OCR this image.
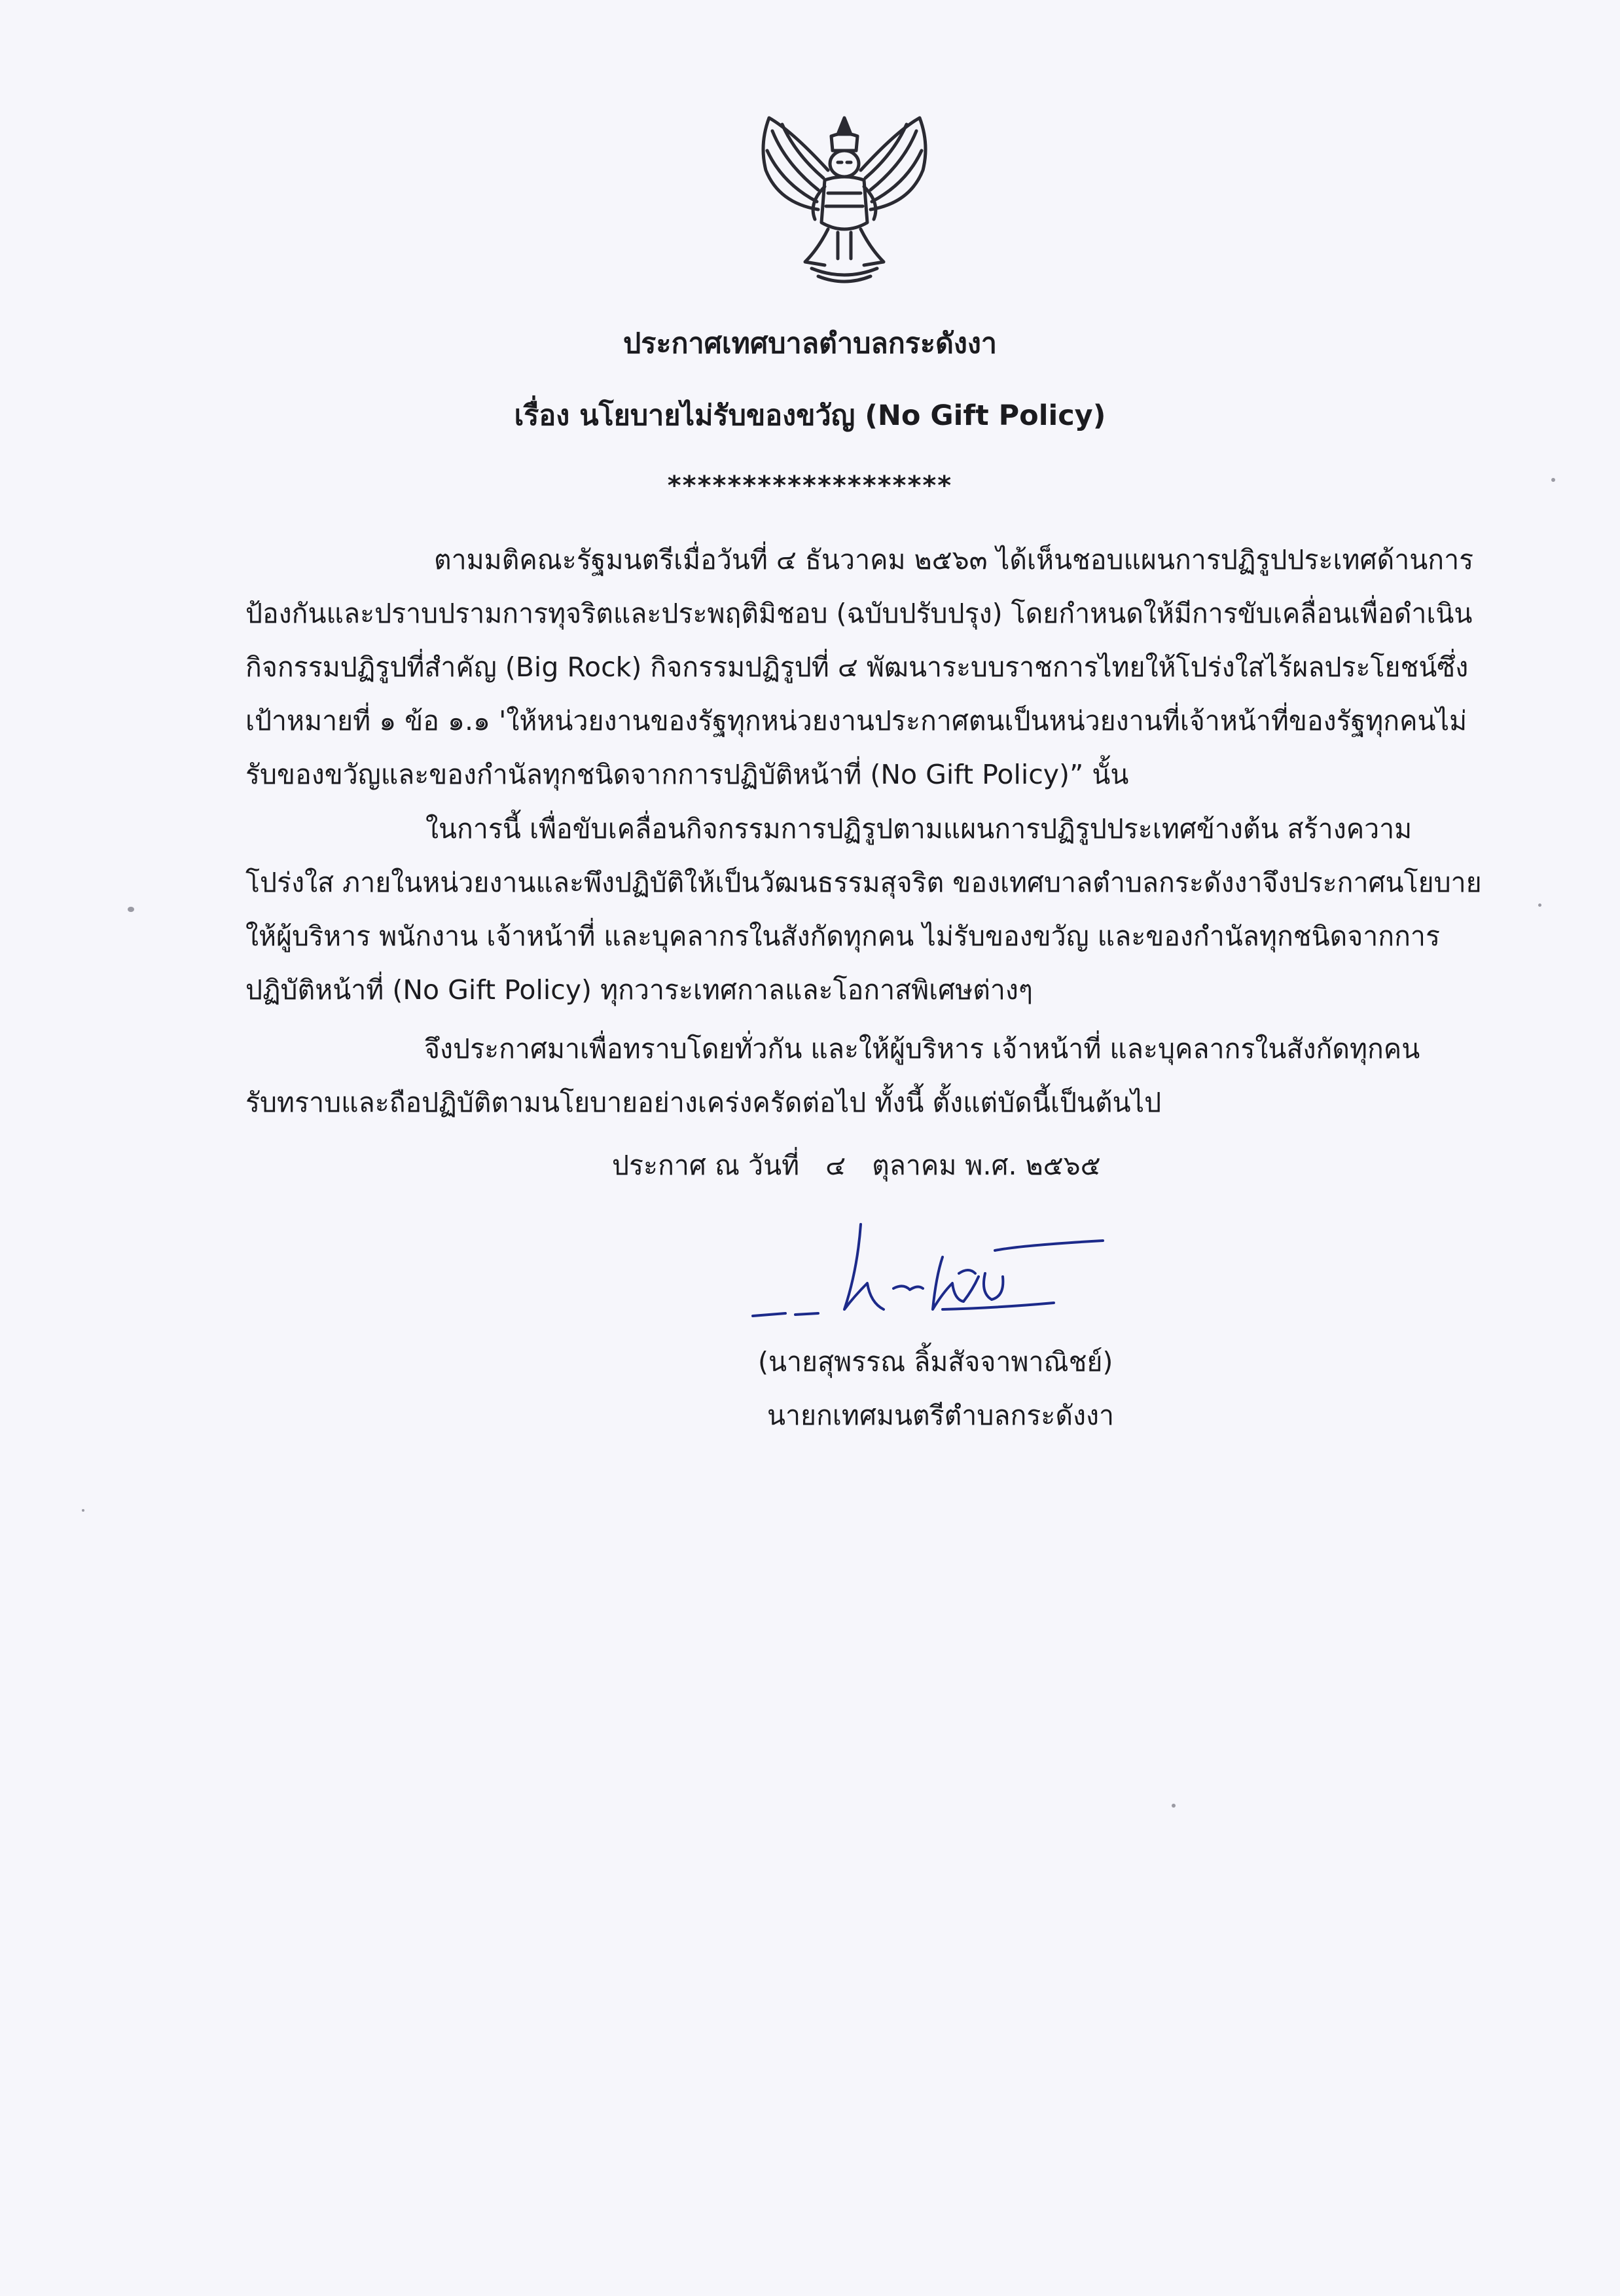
ประกาศเทศบาลตำบลกระดังงา
เรื่อง นโยบายไม่รับของขวัญ (No Gift Policy)
*******************
ตามมติคณะรัฐมนตรีเมื่อวันที่ ๔ ธันวาคม ๒๕๖๓ ได้เห็นชอบแผนการปฏิรูปประเทศด้านการ
ป้องกันและปราบปรามการทุจริตและประพฤติมิชอบ (ฉบับปรับปรุง) โดยกำหนดให้มีการขับเคลื่อนเพื่อดำเนิน
กิจกรรมปฏิรูปที่สำคัญ (Big Rock) กิจกรรมปฏิรูปที่ ๔ พัฒนาระบบราชการไทยให้โปร่งใสไร้ผลประโยชน์ซึ่ง
เป้าหมายที่ ๑ ข้อ ๑.๑ 'ให้หน่วยงานของรัฐทุกหน่วยงานประกาศตนเป็นหน่วยงานที่เจ้าหน้าที่ของรัฐทุกคนไม่
รับของขวัญและของกำนัลทุกชนิดจากการปฏิบัติหน้าที่ (No Gift Policy)” นั้น
ในการนี้ เพื่อขับเคลื่อนกิจกรรมการปฏิรูปตามแผนการปฏิรูปประเทศข้างต้น สร้างความ
โปร่งใส ภายในหน่วยงานและพึงปฏิบัติให้เป็นวัฒนธรรมสุจริต ของเทศบาลตำบลกระดังงาจึงประกาศนโยบาย
ให้ผู้บริหาร พนักงาน เจ้าหน้าที่ และบุคลากรในสังกัดทุกคน ไม่รับของขวัญ และของกำนัลทุกชนิดจากการ
ปฏิบัติหน้าที่ (No Gift Policy) ทุกวาระเทศกาลและโอกาสพิเศษต่างๆ
จึงประกาศมาเพื่อทราบโดยทั่วกัน และให้ผู้บริหาร เจ้าหน้าที่ และบุคลากรในสังกัดทุกคน
รับทราบและถือปฏิบัติตามนโยบายอย่างเคร่งครัดต่อไป ทั้งนี้ ตั้งแต่บัดนี้เป็นต้นไป
ประกาศ ณ วันที่ ๔ ตุลาคม พ.ศ. ๒๕๖๕
(นายสุพรรณ ลิ้มสัจจาพาณิชย์)
นายกเทศมนตรีตำบลกระดังงา
